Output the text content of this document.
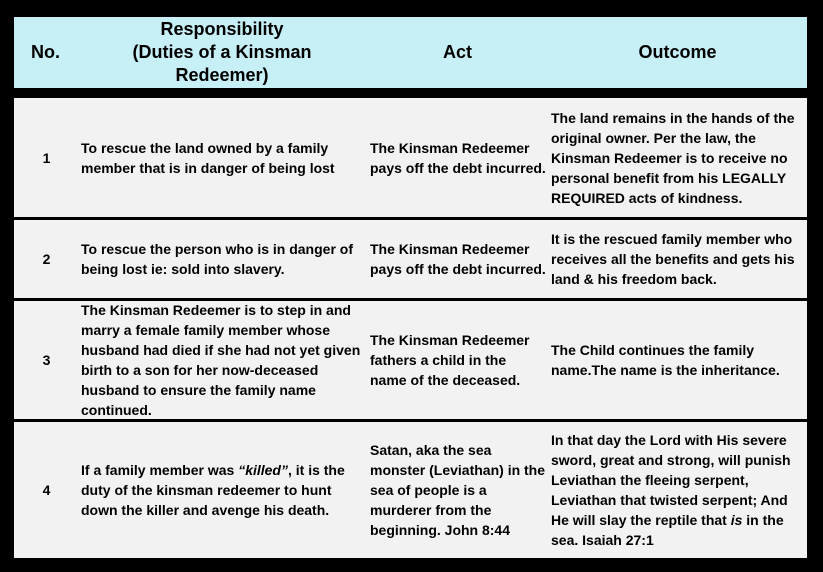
No.
Responsibility
(Duties of a Kinsman
Redeemer)
Act	Outcome
1
To rescue the land owned by a family member that is in danger of being lost
The Kinsman Redeemer pays off the debt incurred.
The land remains in the hands of the original owner. Per the law, the Kinsman Redeemer is to receive no personal benefit from his LEGALLY REQUIRED acts of kindness.
2
To rescue the person who is in danger of being lost ie: sold into slavery.
The Kinsman Redeemer pays off the debt incurred.
It is the rescued family member who receives all the benefits and gets his land & his freedom back.
3
The Kinsman Redeemer is to step in and marry a female family member whose husband had died if she had not yet given birth to a son for her now-deceased husband to ensure the family name continued.
The Kinsman Redeemer fathers a child in the name of the deceased.
The Child continues the family name.The name is the inheritance.
4
If a family member was “killed”, it is the duty of the kinsman redeemer to hunt down the killer and avenge his death.
Satan, aka the sea monster (Leviathan) in the sea of people is a murderer from the beginning. John 8:44
In that day the Lord with His severe sword, great and strong, will punish Leviathan the fleeing serpent, Leviathan that twisted serpent; And He will slay the reptile that is in the sea. Isaiah 27:1
